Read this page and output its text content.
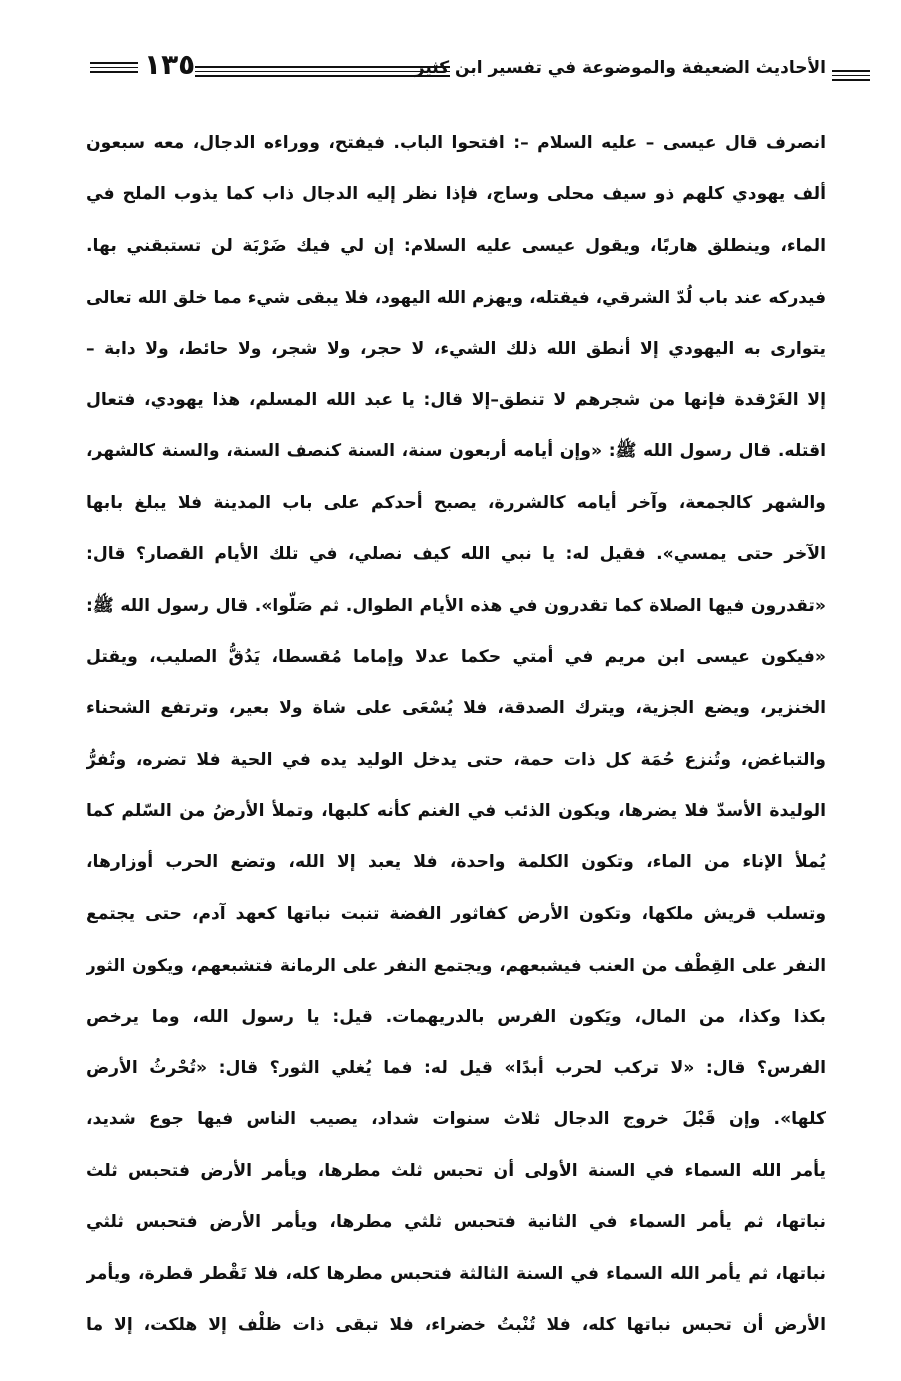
الأحاديث الضعيفة والموضوعة في تفسير ابن كثير
١٣٥
انصرف قال عيسى – عليه السلام –: افتحوا الباب. فيفتح، ووراءه الدجال، معه سبعون
ألف يهودي كلهم ذو سيف محلى وساج، فإذا نظر إليه الدجال ذاب كما يذوب الملح في
الماء، وينطلق هاربًا، ويقول عيسى عليه السلام: إن لي فيك ضَرْبَة لن تستبقني بها.
فيدركه عند باب لُدّ الشرقي، فيقتله، ويهزم الله اليهود، فلا يبقى شيء مما خلق الله تعالى
يتوارى به اليهودي إلا أنطق الله ذلك الشيء، لا حجر، ولا شجر، ولا حائط، ولا دابة –
إلا الغَرْقدة فإنها من شجرهم لا تنطق–إلا قال: يا عبد الله المسلم، هذا يهودي، فتعال
اقتله. قال رسول الله ﷺ: «وإن أيامه أربعون سنة، السنة كنصف السنة، والسنة كالشهر،
والشهر كالجمعة، وآخر أيامه كالشررة، يصبح أحدكم على باب المدينة فلا يبلغ بابها
الآخر حتى يمسي». فقيل له: يا نبي الله كيف نصلي، في تلك الأيام القصار؟ قال:
«تقدرون فيها الصلاة كما تقدرون في هذه الأيام الطوال. ثم صَلّوا». قال رسول الله ﷺ:
«فيكون عيسى ابن مريم في أمتي حكما عدلا وإماما مُقسطا، يَدُقُّ الصليب، ويقتل
الخنزير، ويضع الجزية، ويترك الصدقة، فلا يُسْعَى على شاة ولا بعير، وترتفع الشحناء
والتباغض، وتُنزع حُمَة كل ذات حمة، حتى يدخل الوليد يده في الحية فلا تضره، وتُفرُّ
الوليدة الأسدّ فلا يضرها، ويكون الذئب في الغنم كأنه كلبها، وتملأ الأرضُ من السّلم كما
يُملأ الإناء من الماء، وتكون الكلمة واحدة، فلا يعبد إلا الله، وتضع الحرب أوزارها،
وتسلب قريش ملكها، وتكون الأرض كفاثور الفضة تنبت نباتها كعهد آدم، حتى يجتمع
النفر على القِطْف من العنب فيشبعهم، ويجتمع النفر على الرمانة فتشبعهم، ويكون الثور
بكذا وكذا، من المال، ويَكون الفرس بالدريهمات. قيل: يا رسول الله، وما يرخص
الفرس؟ قال: «لا تركب لحرب أبدًا» قيل له: فما يُغلي الثور؟ قال: «تُحْرثُ الأرض
كلها». وإن قَبْلَ خروج الدجال ثلاث سنوات شداد، يصيب الناس فيها جوع شديد،
يأمر الله السماء في السنة الأولى أن تحبس ثلث مطرها، ويأمر الأرض فتحبس ثلث
نباتها، ثم يأمر السماء في الثانية فتحبس ثلثي مطرها، ويأمر الأرض فتحبس ثلثي
نباتها، ثم يأمر الله السماء في السنة الثالثة فتحبس مطرها كله، فلا تَقْطر قطرة، ويأمر
الأرض أن تحبس نباتها كله، فلا تُنْبتُ خضراء، فلا تبقى ذات ظلْف إلا هلكت، إلا ما
